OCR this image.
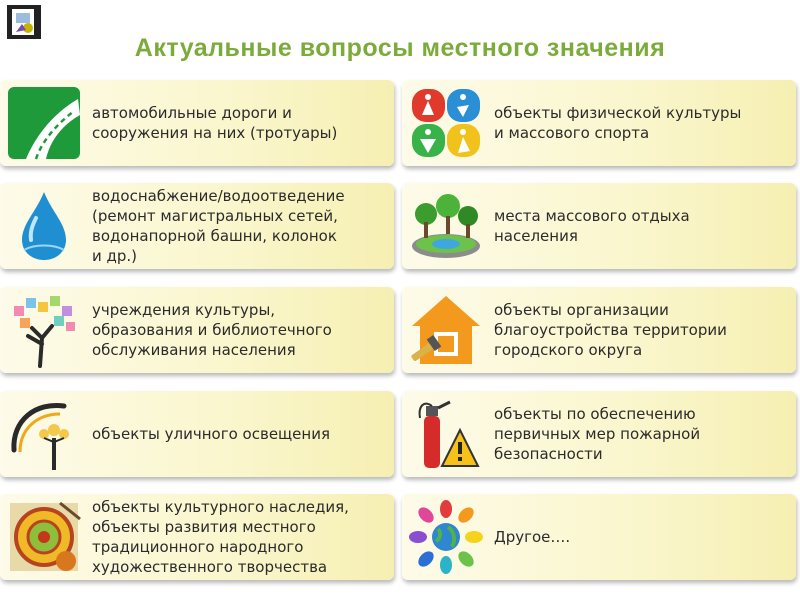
Актуальные вопросы местного значения
автомобильные дороги и
сооружения на них (тротуары)
объекты физической культуры
и массового спорта
водоснабжение/водоотведение
(ремонт магистральных сетей,
водонапорной башни, колонок
и др.)
места массового отдыха
населения
учреждения культуры,
образования и библиотечного
обслуживания населения
объекты организации
благоустройства территории
городского округа
объекты уличного освещения
объекты по обеспечению
первичных мер пожарной
безопасности
объекты культурного наследия,
объекты развития местного
традиционного народного
художественного творчества
Другое….
